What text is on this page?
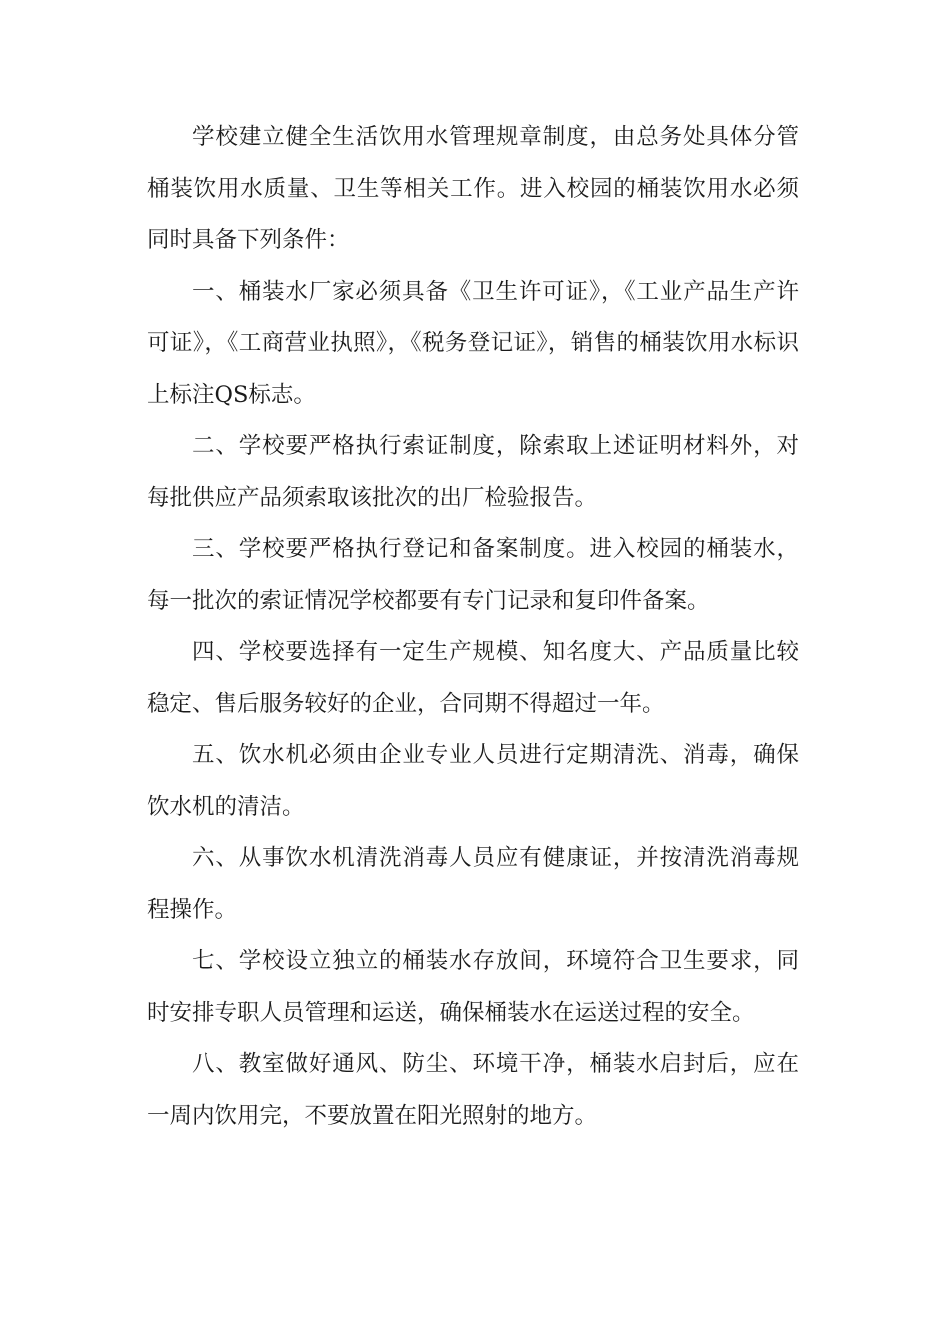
学校建立健全生活饮用水管理规章制度，由总务处具体分管桶装饮用水质量、卫生等相关工作。进入校园的桶装饮用水必须同时具备下列条件：

一、桶装水厂家必须具备《卫生许可证》，《工业产品生产许可证》，《工商营业执照》，《税务登记证》，销售的桶装饮用水标识上标注QS标志。

二、学校要严格执行索证制度，除索取上述证明材料外，对每批供应产品须索取该批次的出厂检验报告。

三、学校要严格执行登记和备案制度。进入校园的桶装水，每一批次的索证情况学校都要有专门记录和复印件备案。

四、学校要选择有一定生产规模、知名度大、产品质量比较稳定、售后服务较好的企业，合同期不得超过一年。

五、饮水机必须由企业专业人员进行定期清洗、消毒，确保饮水机的清洁。

六、从事饮水机清洗消毒人员应有健康证，并按清洗消毒规程操作。

七、学校设立独立的桶装水存放间，环境符合卫生要求，同时安排专职人员管理和运送，确保桶装水在运送过程的安全。

八、教室做好通风、防尘、环境干净，桶装水启封后，应在一周内饮用完，不要放置在阳光照射的地方。
